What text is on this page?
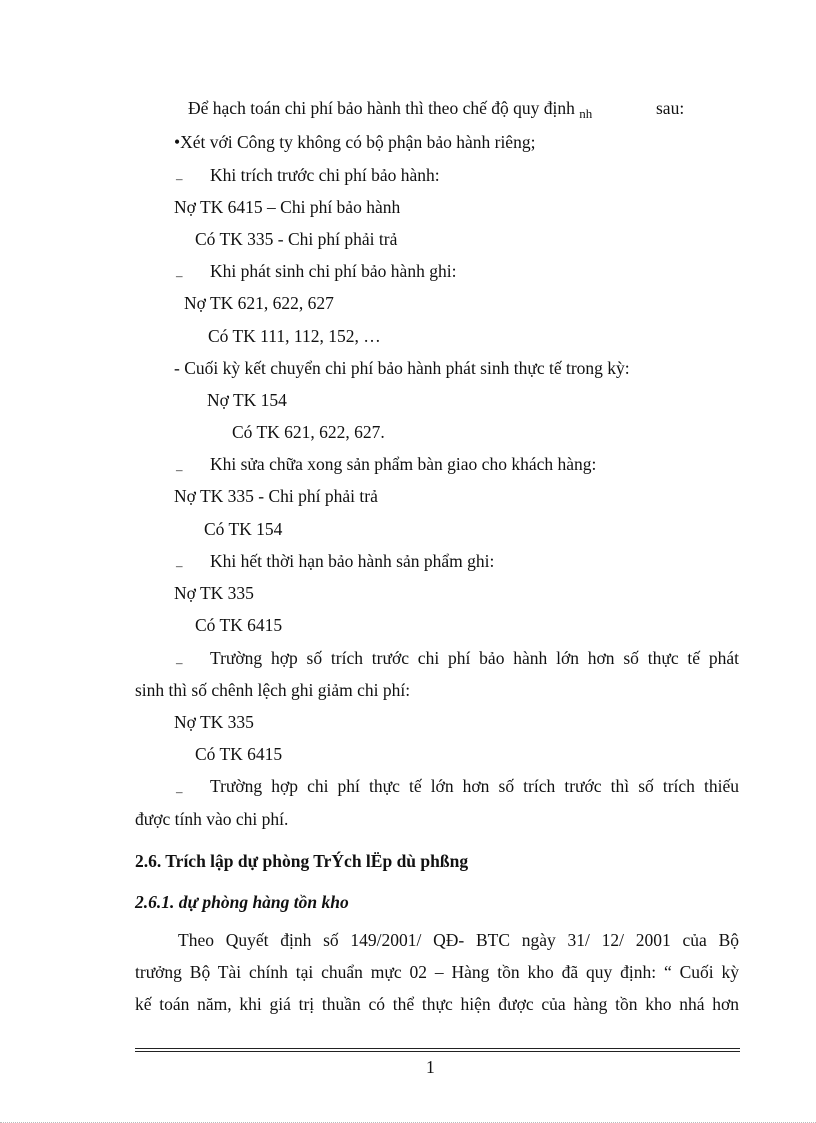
Để hạch toán chi phí bảo hành thì theo chế độ quy định $_{nh}$	sau:
•Xét với Công ty không có bộ phận bảo hành riêng;
– Khi trích trước chi phí bảo hành:
Nợ TK 6415 – Chi phí bảo hành
Có TK 335 - Chi phí phải trả
– Khi phát sinh chi phí bảo hành ghi:
Nợ TK 621, 622, 627
Có TK 111, 112, 152, …
- Cuối kỳ kết chuyển chi phí bảo hành phát sinh thực tế trong kỳ:
Nợ TK 154
Có TK 621, 622, 627.
– Khi sửa chữa xong sản phẩm bàn giao cho khách hàng:
Nợ TK 335 - Chi phí phải trả
Có TK 154
– Khi hết thời hạn bảo hành sản phẩm ghi:
Nợ TK 335
Có TK 6415
– Trường hợp số trích trước chi phí bảo hành lớn hơn số thực tế phát
sinh thì số chênh lệch ghi giảm chi phí:
Nợ TK 335
Có TK 6415
– Trường hợp chi phí thực tế lớn hơn số trích trước thì số trích thiếu
được tính vào chi phí.
2.6. Trích lập dự phòng TrÝch lËp dù phßng
2.6.1. dự phòng hàng tồn kho
Theo Quyết định số 149/2001/ QĐ- BTC ngày 31/ 12/ 2001 của Bộ
trưởng Bộ Tài chính tại chuẩn mực 02 – Hàng tồn kho đã quy định: “ Cuối kỳ
kế toán năm, khi giá trị thuần có thể thực hiện được của hàng tồn kho nhá hơn
1
